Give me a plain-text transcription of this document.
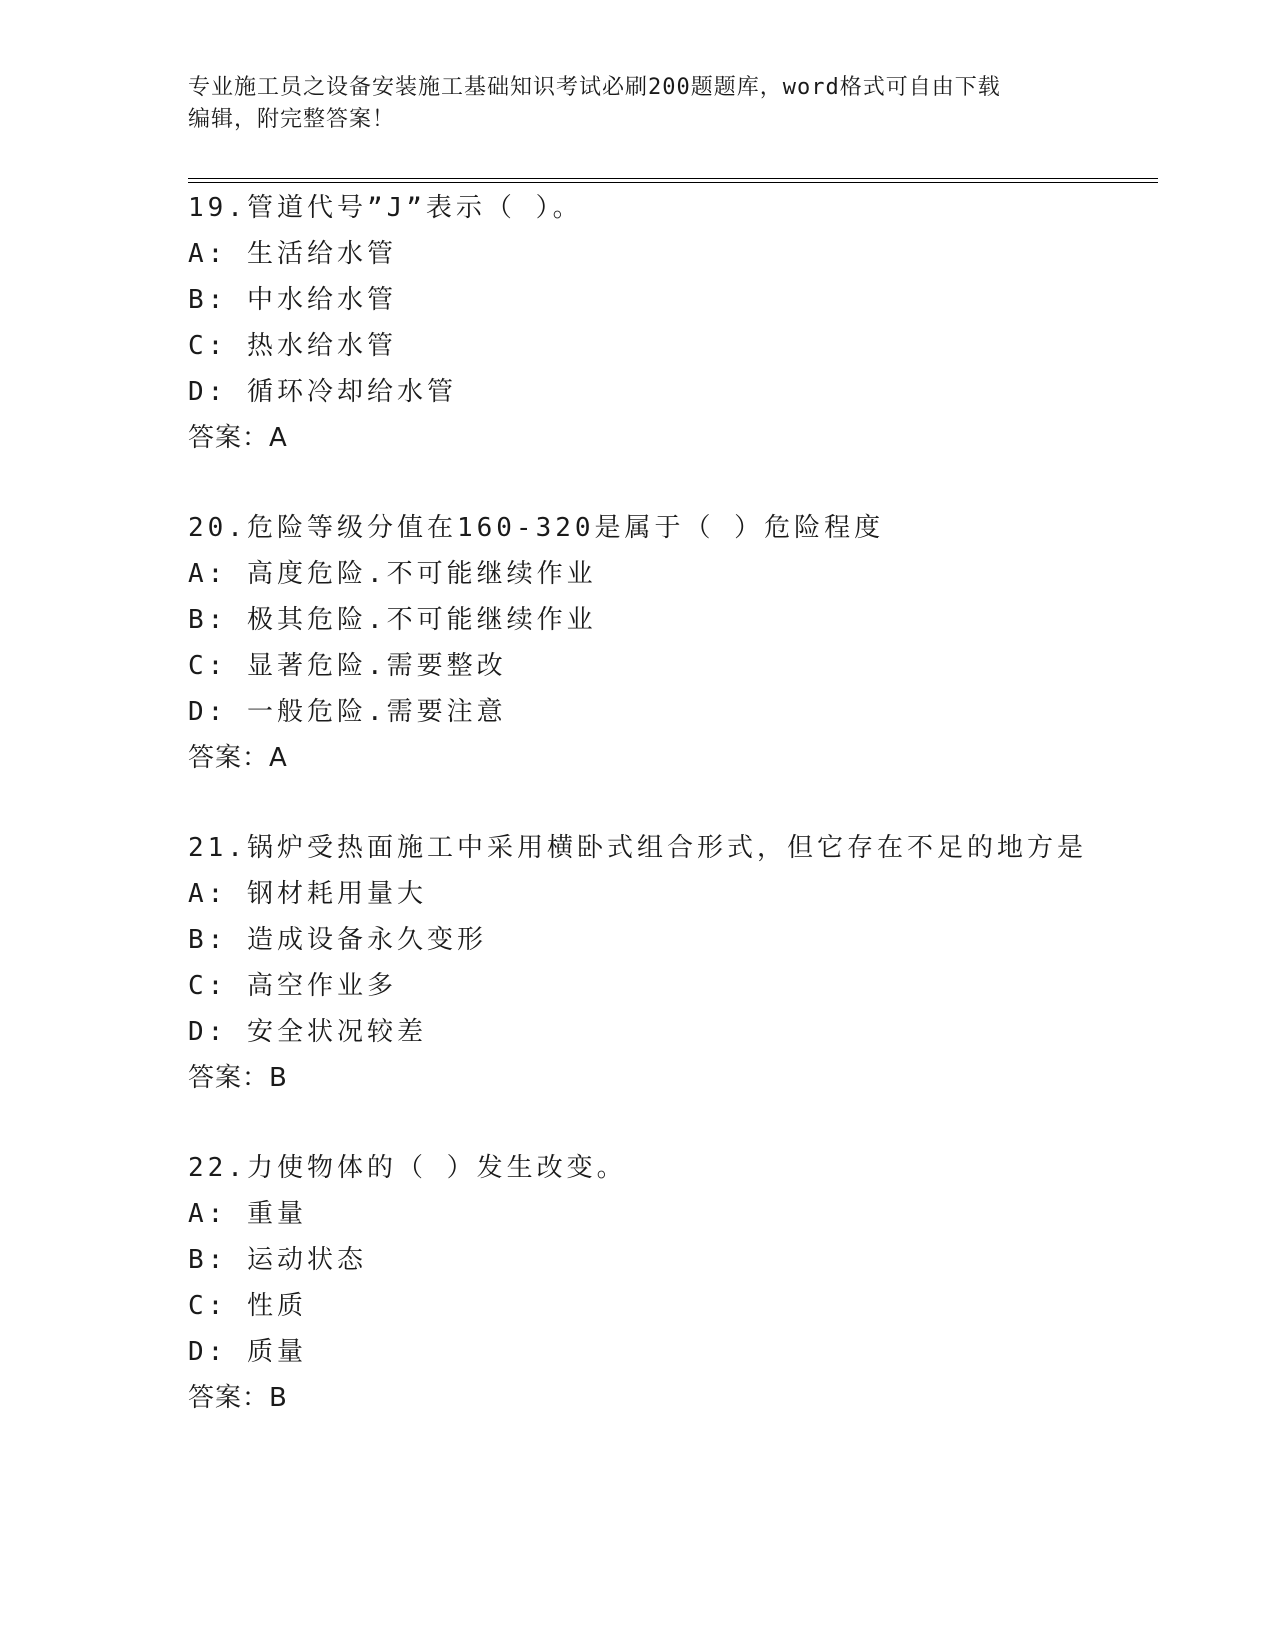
专业施工员之设备安装施工基础知识考试必刷200题题库，word格式可自由下载
编辑，附完整答案！
19.管道代号”J”表示（ ）。
A: 生活给水管
B: 中水给水管
C: 热水给水管
D: 循环冷却给水管
答案：A
20.危险等级分值在160-320是属于（ ）危险程度
A: 高度危险.不可能继续作业
B: 极其危险.不可能继续作业
C: 显著危险.需要整改
D: 一般危险.需要注意
答案：A
21.锅炉受热面施工中采用横卧式组合形式，但它存在不足的地方是
A: 钢材耗用量大
B: 造成设备永久变形
C: 高空作业多
D: 安全状况较差
答案：B
22.力使物体的（ ）发生改变。
A: 重量
B: 运动状态
C: 性质
D: 质量
答案：B
